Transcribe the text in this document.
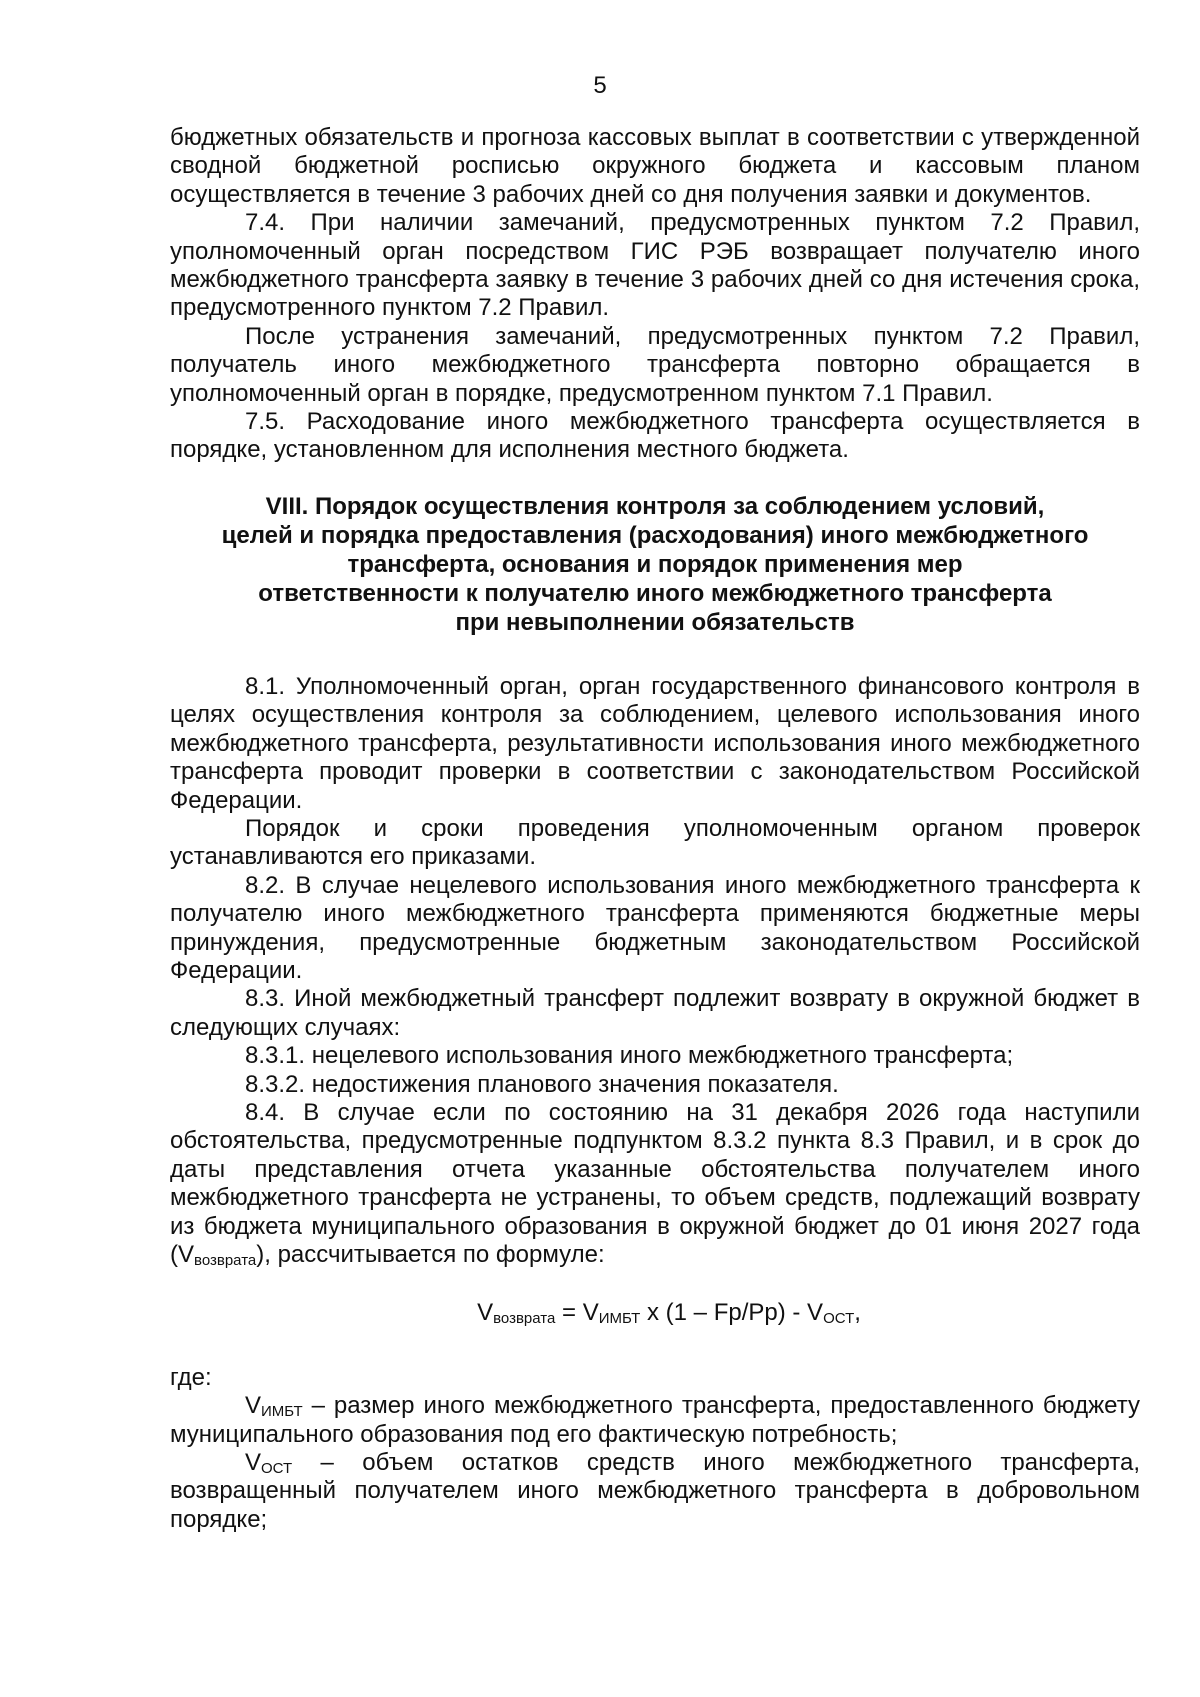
5

бюджетных обязательств и прогноза кассовых выплат в соответствии с утвержденной сводной бюджетной росписью окружного бюджета и кассовым планом осуществляется в течение 3 рабочих дней со дня получения заявки и документов.

7.4. При наличии замечаний, предусмотренных пунктом 7.2 Правил, уполномоченный орган посредством ГИС РЭБ возвращает получателю иного межбюджетного трансферта заявку в течение 3 рабочих дней со дня истечения срока, предусмотренного пунктом 7.2 Правил.

После устранения замечаний, предусмотренных пунктом 7.2 Правил, получатель иного межбюджетного трансферта повторно обращается в уполномоченный орган в порядке, предусмотренном пунктом 7.1 Правил.

7.5. Расходование иного межбюджетного трансферта осуществляется в порядке, установленном для исполнения местного бюджета.

VIII. Порядок осуществления контроля за соблюдением условий,
целей и порядка предоставления (расходования) иного межбюджетного
трансферта, основания и порядок применения мер
ответственности к получателю иного межбюджетного трансферта
при невыполнении обязательств

8.1. Уполномоченный орган, орган государственного финансового контроля в целях осуществления контроля за соблюдением, целевого использования иного межбюджетного трансферта, результативности использования иного межбюджетного трансферта проводит проверки в соответствии с законодательством Российской Федерации.

Порядок и сроки проведения уполномоченным органом проверок устанавливаются его приказами.

8.2. В случае нецелевого использования иного межбюджетного трансферта к получателю иного межбюджетного трансферта применяются бюджетные меры принуждения, предусмотренные бюджетным законодательством Российской Федерации.

8.3. Иной межбюджетный трансферт подлежит возврату в окружной бюджет в следующих случаях:

8.3.1. нецелевого использования иного межбюджетного трансферта;

8.3.2. недостижения планового значения показателя.

8.4. В случае если по состоянию на 31 декабря 2026 года наступили обстоятельства, предусмотренные подпунктом 8.3.2 пункта 8.3 Правил, и в срок до даты представления отчета указанные обстоятельства получателем иного межбюджетного трансферта не устранены, то объем средств, подлежащий возврату из бюджета муниципального образования в окружной бюджет до 01 июня 2027 года $(V_{возврата})$, рассчитывается по формуле:

$V_{возврата} = V_{ИМБТ}$ х $(1 - Fр/Рр) - V_{ОСТ}$,

где:

$V_{ИМБТ}$ – размер иного межбюджетного трансферта, предоставленного бюджету муниципального образования под его фактическую потребность;

$V_{ОСТ}$ – объем остатков средств иного межбюджетного трансферта, возвращенный получателем иного межбюджетного трансферта в добровольном порядке;
